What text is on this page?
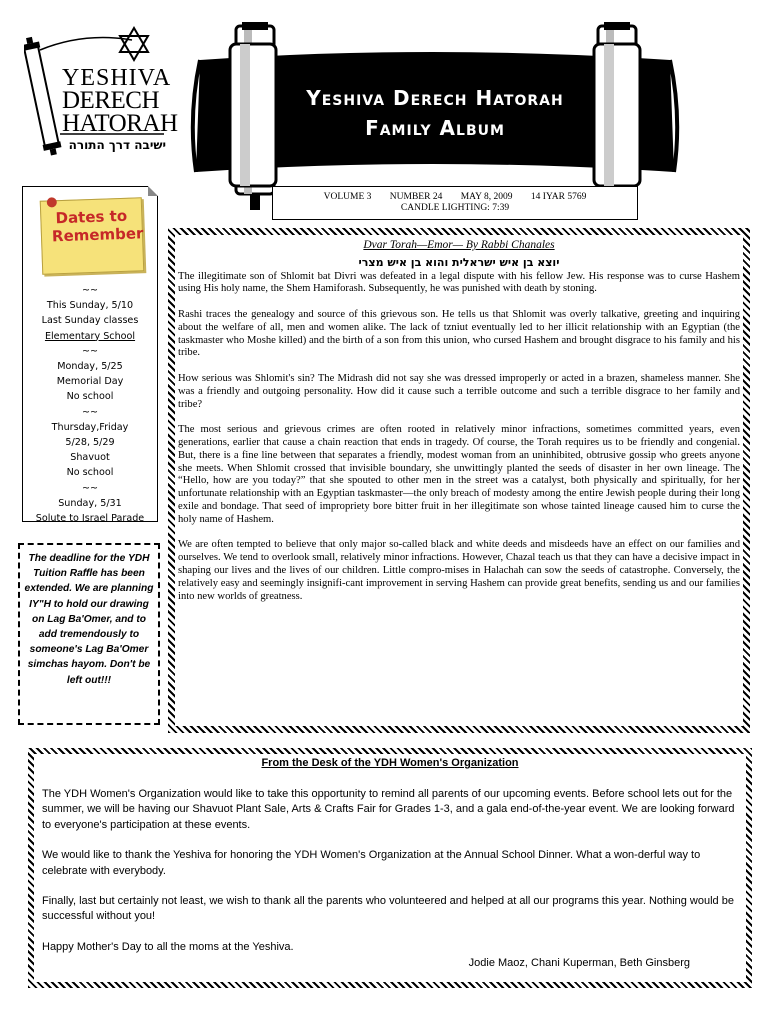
YESHIVA
DERECH
HATORAH
ישיבה דרך התורה
Yeshiva Derech Hatorah
Family Album
VOLUME 3 NUMBER 24 MAY 8, 2009 14 IYAR 5769
CANDLE LIGHTING: 7:39
Dates to Remember
~~
This Sunday, 5/10
Last Sunday classes
Elementary School
~~
Monday, 5/25
Memorial Day
No school
~~
Thursday,Friday
5/28, 5/29
Shavuot
No school
~~
Sunday, 5/31
Solute to Israel Parade
The deadline for the YDH Tuition Raffle has been extended. We are planning IY"H to hold our drawing on Lag Ba'Omer, and to add tremendously to someone's Lag Ba'Omer simchas hayom. Don't be left out!!!
Dvar Torah—Emor— By Rabbi Chanales
יוצא בן איש ישראלית והוא בן איש מצרי

The illegitimate son of Shlomit bat Divri was defeated in a legal dispute with his fellow Jew. His response was to curse Hashem using His holy name, the Shem Hamiforash. Subsequently, he was punished with death by stoning.

Rashi traces the genealogy and source of this grievous son. He tells us that Shlomit was overly talkative, greeting and inquiring about the welfare of all, men and women alike. The lack of tzniut eventually led to her illicit relationship with an Egyptian (the taskmaster who Moshe killed) and the birth of a son from this union, who cursed Hashem and brought disgrace to his family and his tribe.

How serious was Shlomit's sin? The Midrash did not say she was dressed improperly or acted in a brazen, shameless manner. She was a friendly and outgoing personality. How did it cause such a terrible outcome and such a terrible disgrace to her family and tribe?

The most serious and grievous crimes are often rooted in relatively minor infractions, sometimes committed years, even generations, earlier that cause a chain reaction that ends in tragedy. Of course, the Torah requires us to be friendly and congenial. But, there is a fine line between that separates a friendly, modest woman from an uninhibited, obtrusive gossip who greets anyone she meets. When Shlomit crossed that invisible boundary, she unwittingly planted the seeds of disaster in her own lineage. The “Hello, how are you today?” that she spouted to other men in the street was a catalyst, both physically and spiritually, for her unfortunate relationship with an Egyptian taskmaster—the only breach of modesty among the entire Jewish people during their long exile and bondage. That seed of impropriety bore bitter fruit in her illegitimate son whose tainted lineage caused him to curse the holy name of Hashem.

We are often tempted to believe that only major so-called black and white deeds and misdeeds have an effect on our families and ourselves. We tend to overlook small, relatively minor infractions. However, Chazal teach us that they can have a decisive impact in shaping our lives and the lives of our children. Little compro-mises in Halachah can sow the seeds of catastrophe. Conversely, the relatively easy and seemingly insignifi-cant improvement in serving Hashem can provide great benefits, sending us and our families into new worlds of greatness.

From the Desk of the YDH Women's Organization

The YDH Women's Organization would like to take this opportunity to remind all parents of our upcoming events. Before school lets out for the summer, we will be having our Shavuot Plant Sale, Arts & Crafts Fair for Grades 1-3, and a gala end-of-the-year event. We are looking forward to everyone's participation at these events.

We would like to thank the Yeshiva for honoring the YDH Women's Organization at the Annual School Dinner. What a won-derful way to celebrate with everybody.

Finally, last but certainly not least, we wish to thank all the parents who volunteered and helped at all our programs this year. Nothing would be successful without you!

Happy Mother's Day to all the moms at the Yeshiva.

Jodie Maoz, Chani Kuperman, Beth Ginsberg
